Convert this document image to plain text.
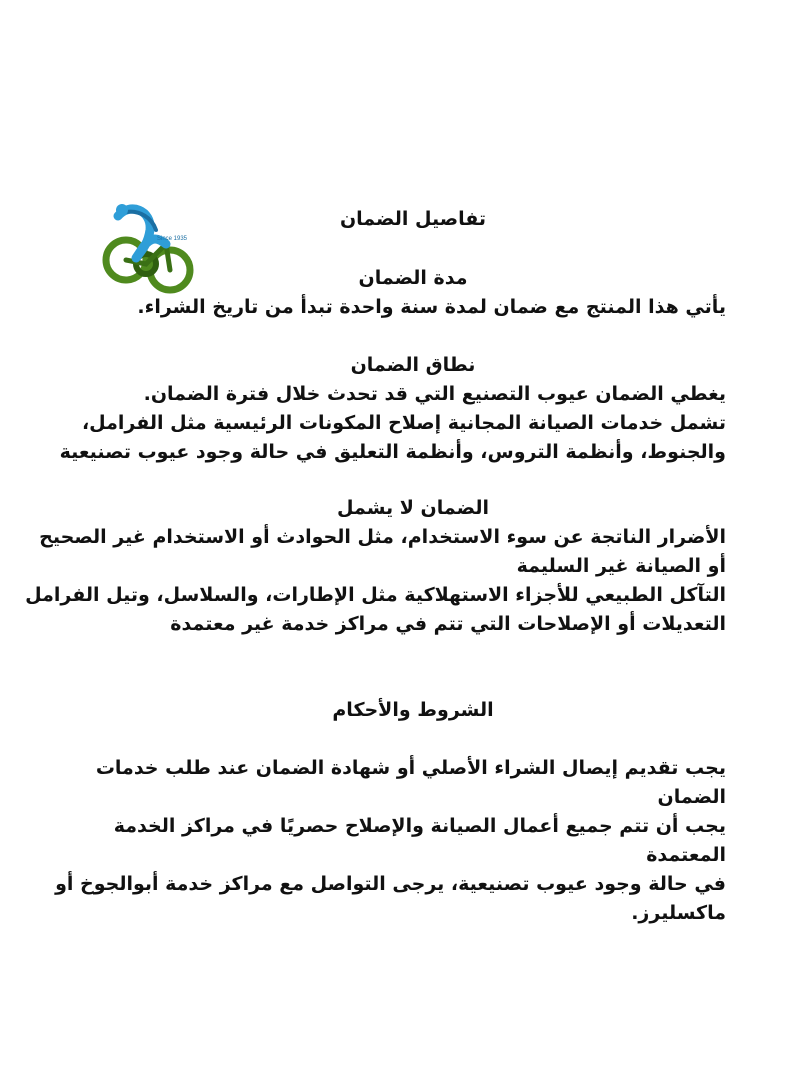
Since 1935
تفاصيل الضمان
مدة الضمان
يأتي هذا المنتج مع ضمان لمدة سنة واحدة تبدأ من تاريخ الشراء.
نطاق الضمان
يغطي الضمان عيوب التصنيع التي قد تحدث خلال فترة الضمان.
تشمل خدمات الصيانة المجانية إصلاح المكونات الرئيسية مثل الفرامل،
والجنوط، وأنظمة التروس، وأنظمة التعليق في حالة وجود عيوب تصنيعية
الضمان لا يشمل
الأضرار الناتجة عن سوء الاستخدام، مثل الحوادث أو الاستخدام غير الصحيح
أو الصيانة غير السليمة
التآكل الطبيعي للأجزاء الاستهلاكية مثل الإطارات، والسلاسل، وتيل الفرامل
التعديلات أو الإصلاحات التي تتم في مراكز خدمة غير معتمدة
الشروط والأحكام
يجب تقديم إيصال الشراء الأصلي أو شهادة الضمان عند طلب خدمات
الضمان
يجب أن تتم جميع أعمال الصيانة والإصلاح حصريًا في مراكز الخدمة
المعتمدة
في حالة وجود عيوب تصنيعية، يرجى التواصل مع مراكز خدمة أبوالجوخ أو
ماكسليرز.
